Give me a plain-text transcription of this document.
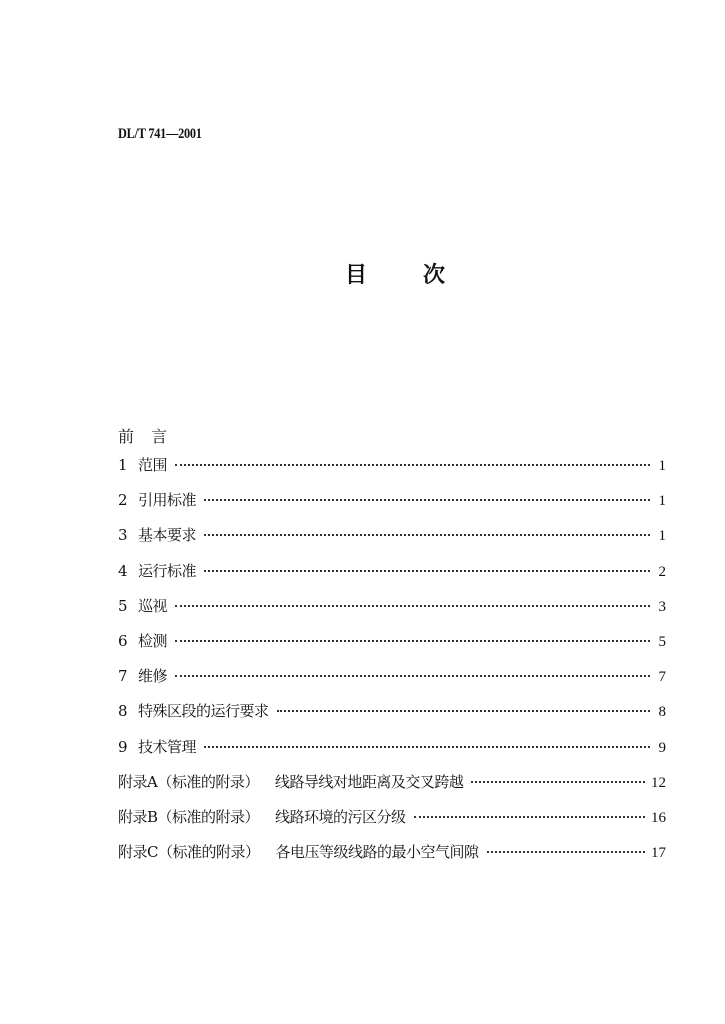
DL/T 741—2001
目	次
前 言
1 范围	1
2 引用标准	1
3 基本要求	1
4 运行标准	2
5 巡视	3
6 检测	5
7 维修	7
8 特殊区段的运行要求	8
9 技术管理	9
附录A（标准的附录） 线路导线对地距离及交叉跨越	12
附录B（标准的附录） 线路环境的污区分级	16
附录C（标准的附录） 各电压等级线路的最小空气间隙	17
